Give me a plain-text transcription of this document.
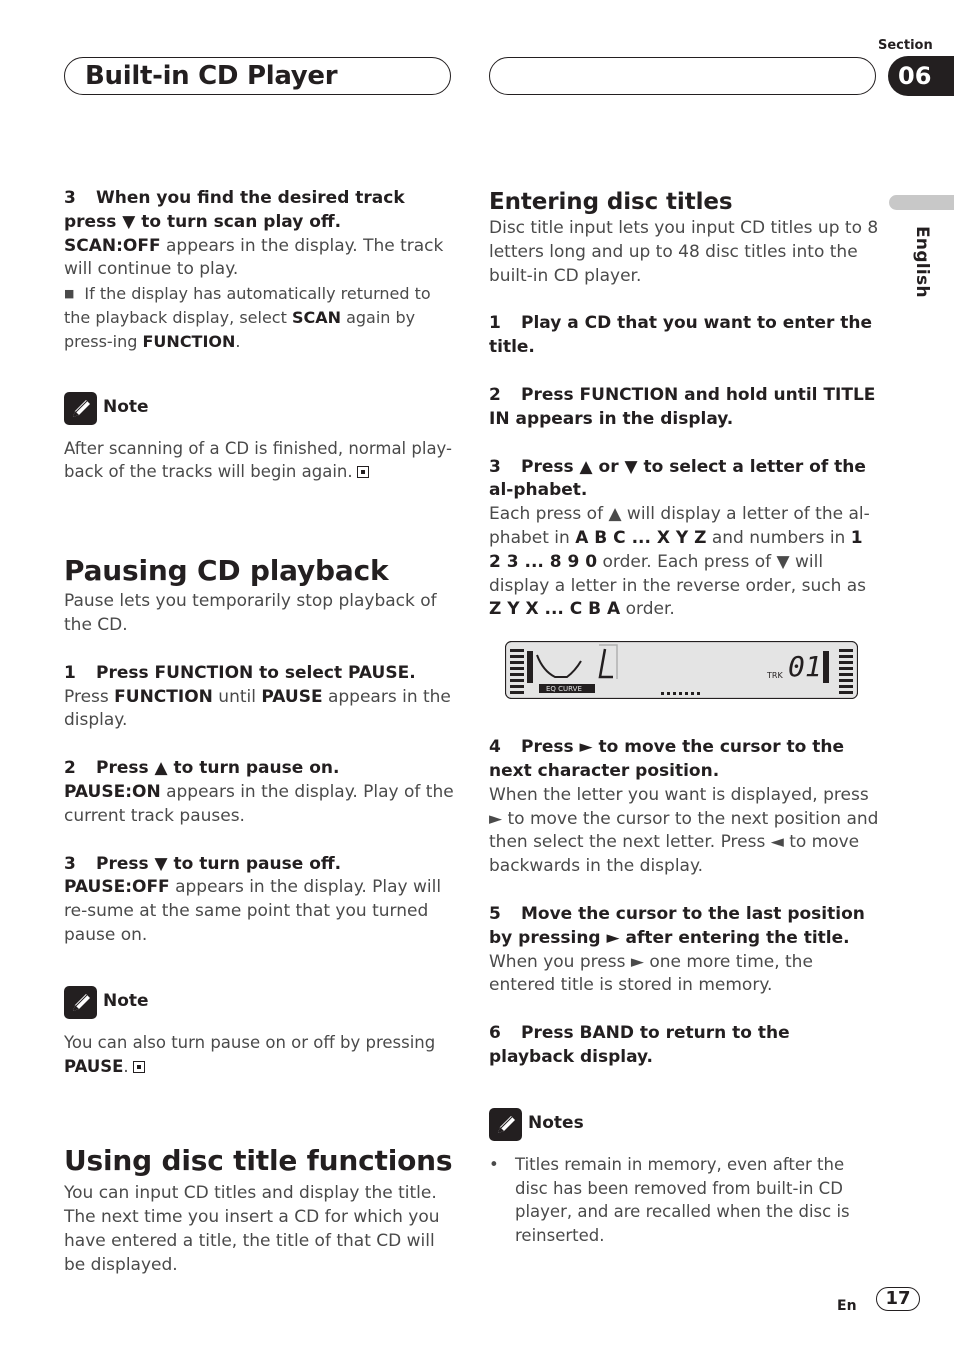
Built-in CD Player
Section
06
English
3 When you find the desired track press ▼ to turn scan play off.
SCAN:OFF appears in the display. The track will continue to play.
■ If the display has automatically returned to the playback display, select SCAN again by press-ing FUNCTION.
Note
After scanning of a CD is finished, normal play-back of the tracks will begin again.
Pausing CD playback
Pause lets you temporarily stop playback of the CD.
1 Press FUNCTION to select PAUSE.
Press FUNCTION until PAUSE appears in the display.
2 Press ▲ to turn pause on.
PAUSE:ON appears in the display. Play of the current track pauses.
3 Press ▼ to turn pause off.
PAUSE:OFF appears in the display. Play will re-sume at the same point that you turned pause on.
Note
You can also turn pause on or off by pressing PAUSE.
Using disc title functions
You can input CD titles and display the title. The next time you insert a CD for which you have entered a title, the title of that CD will be displayed.
Entering disc titles
Disc title input lets you input CD titles up to 8 letters long and up to 48 disc titles into the built-in CD player.
1 Play a CD that you want to enter the title.
2 Press FUNCTION and hold until TITLE IN appears in the display.
3 Press ▲ or ▼ to select a letter of the al-phabet.
Each press of ▲ will display a letter of the al-phabet in A B C ... X Y Z and numbers in 1 2 3 ... 8 9 0 order. Each press of ▼ will display a letter in the reverse order, such as Z Y X ... C B A order.
4 Press ► to move the cursor to the next character position.
When the letter you want is displayed, press ► to move the cursor to the next position and then select the next letter. Press ◄ to move backwards in the display.
5 Move the cursor to the last position by pressing ► after entering the title.
When you press ► one more time, the entered title is stored in memory.
6 Press BAND to return to the playback display.
Notes
• Titles remain in memory, even after the disc has been removed from built-in CD player, and are recalled when the disc is reinserted.
EQ CURVE
TRK 01
En	17
